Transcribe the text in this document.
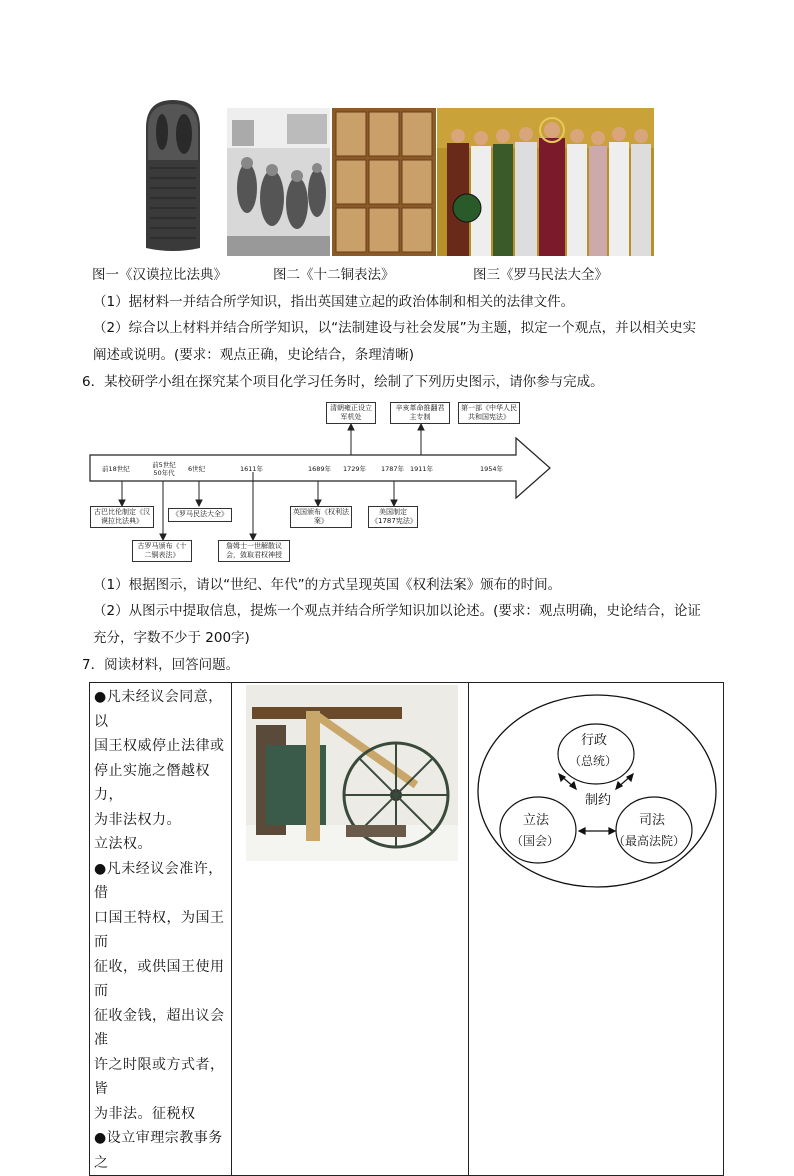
图一《汉谟拉比法典》	图二《十二铜表法》	图三《罗马民法大全》
（1）据材料一并结合所学知识，指出英国建立起的政治体制和相关的法律文件。
（2）综合以上材料并结合所学知识，以“法制建设与社会发展”为主题，拟定一个观点，并以相关史实
阐述或说明。(要求：观点正确，史论结合，条理清晰)
6．某校研学小组在探究某个项目化学习任务时，绘制了下列历史图示，请你参与完成。
前18世纪	前5世纪50年代	6世纪	1611年	1689年 1729年 1787年 1911年	1954年
清朝雍正设立军机处
辛亥革命推翻君主专制
第一部《中华人民共和国宪法》
古巴比伦制定《汉谟拉比法典》
古罗马颁布《十二铜表法》
《罗马民法大全》
詹姆士一世解散议会，敛取君权神授
英国颁布《权利法案》
美国制定《1787宪法》
（1）根据图示，请以“世纪、年代”的方式呈现英国《权利法案》颁布的时间。
（2）从图示中提取信息，提炼一个观点并结合所学知识加以论述。(要求：观点明确，史论结合，论证
充分，字数不少于 200字)
7．阅读材料，回答问题。
●凡未经议会同意，以
国王权威停止法律或
停止实施之僭越权力，
为非法权力。
立法权。
●凡未经议会准许，借
口国王特权，为国王而
征收，或供国王使用而
征收金钱，超出议会准
许之时限或方式者，皆
为非法。征税权
●设立审理宗教事务之

行政
（总统）
立法
（国会）
司法
（最高法院）
制约
